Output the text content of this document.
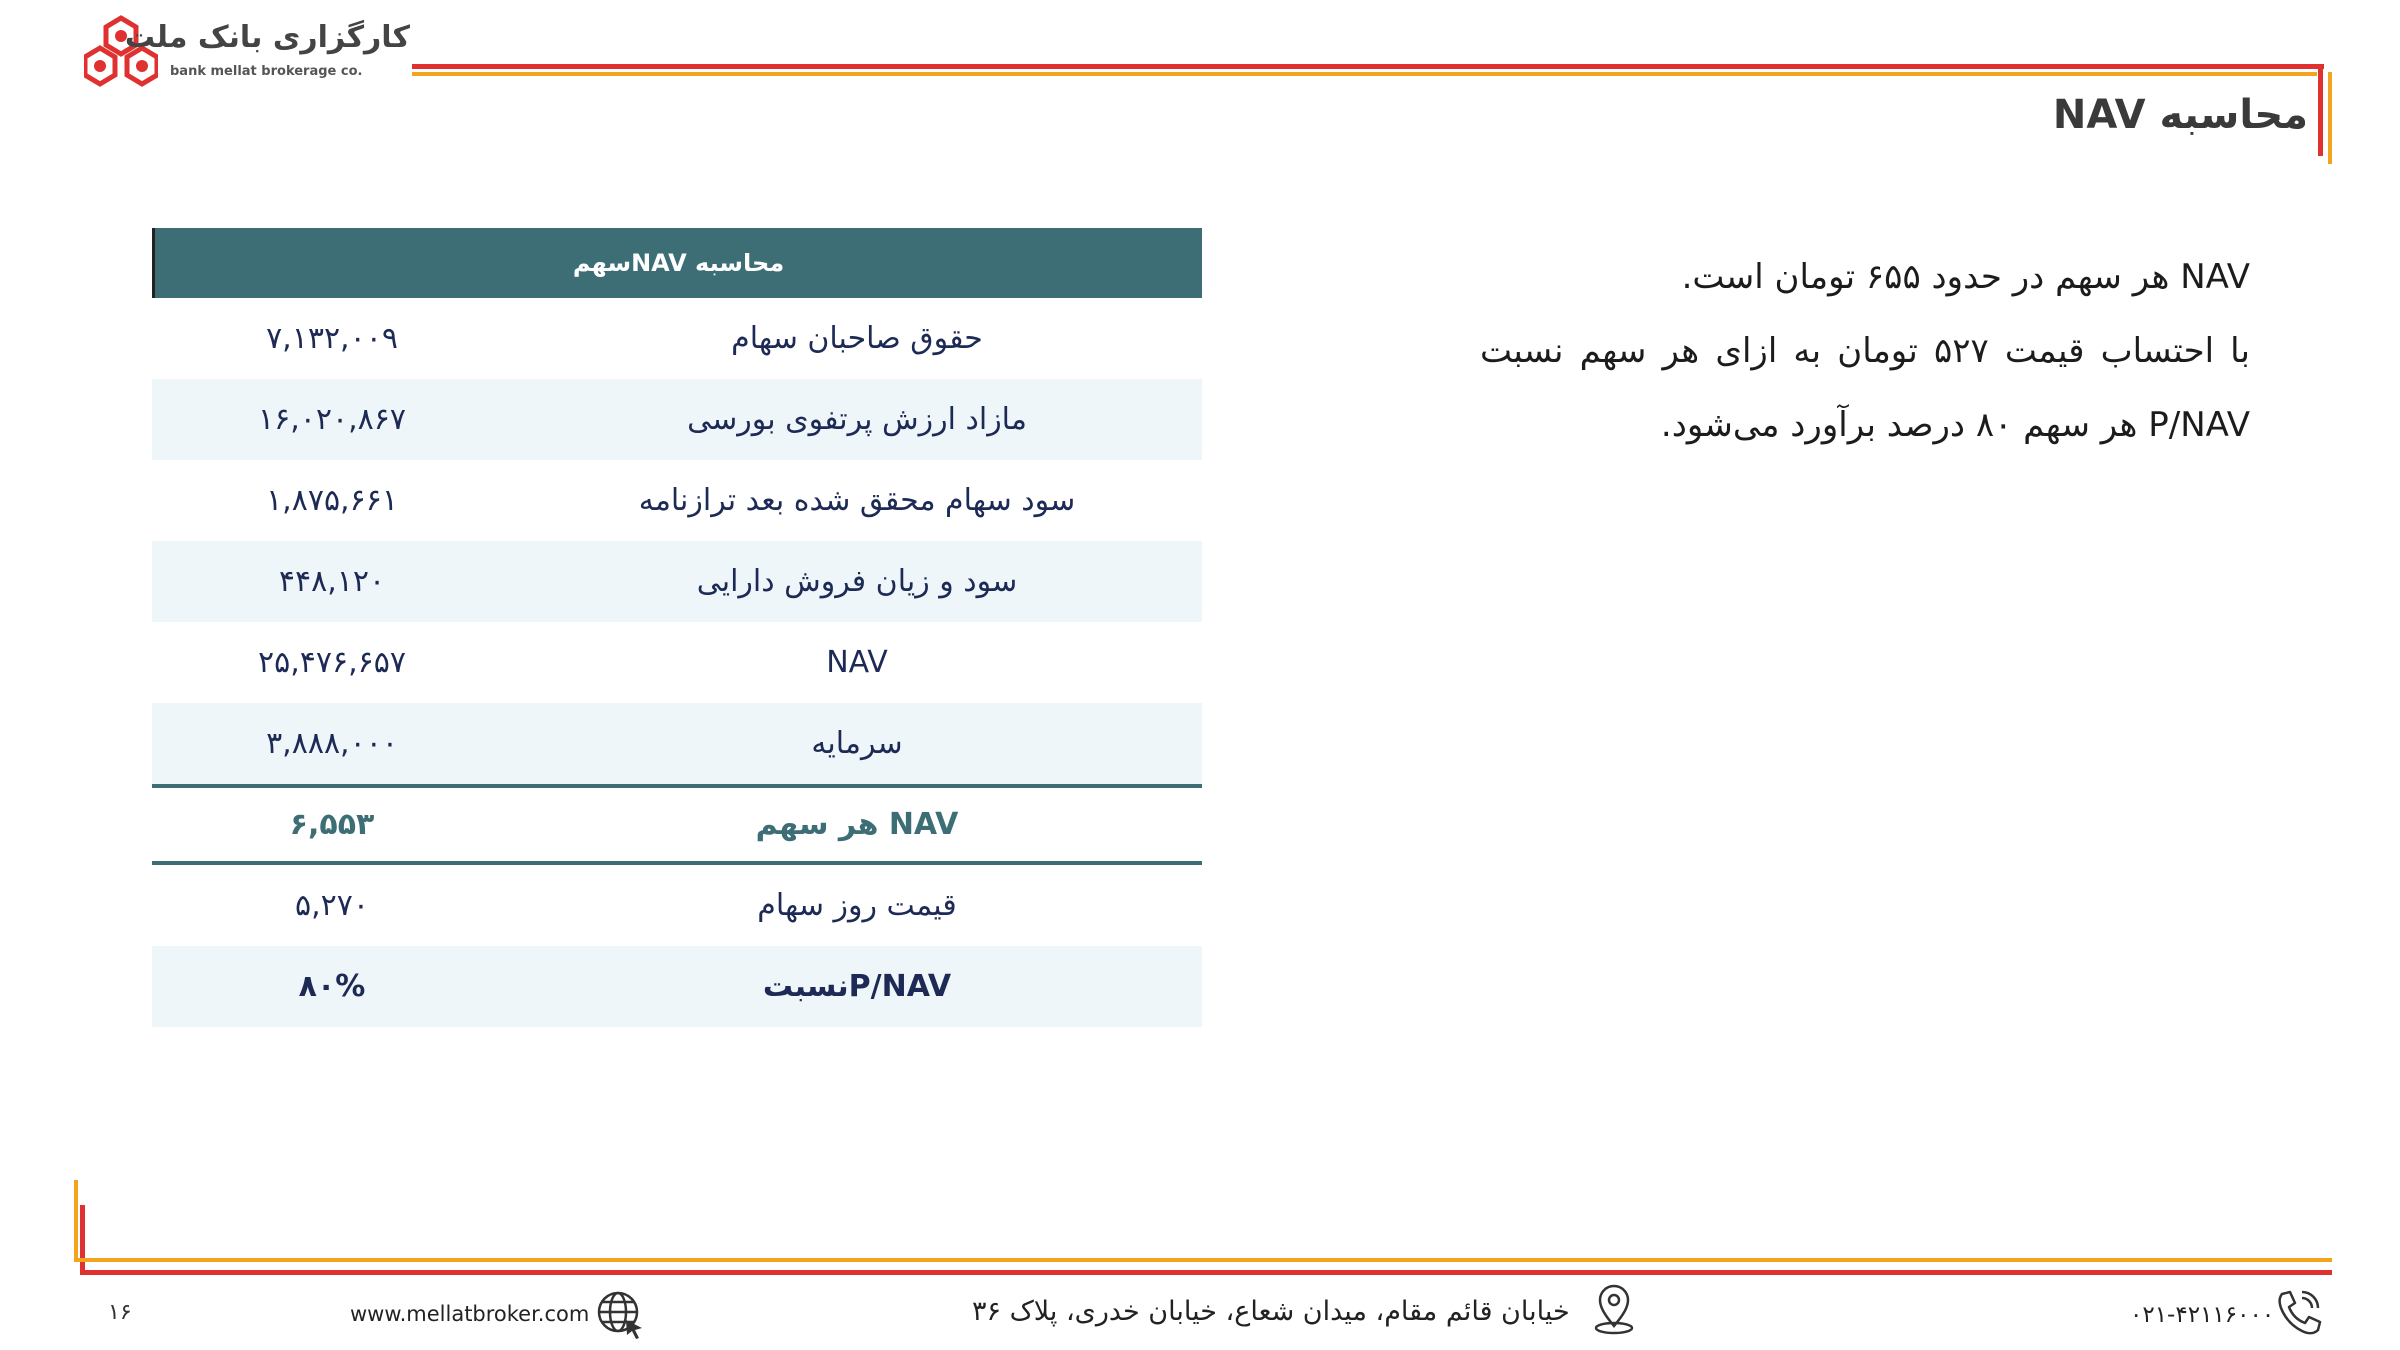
کارگزاری بانک ملت
bank mellat brokerage co.
محاسبه NAV
محاسبه NAVسهم
حقوق صاحبان سهام
۷,۱۳۲,۰۰۹
مازاد ارزش پرتفوی بورسی
۱۶,۰۲۰,۸۶۷
سود سهام محقق شده بعد ترازنامه
۱,۸۷۵,۶۶۱
سود و زیان فروش دارایی
۴۴۸,۱۲۰
NAV
۲۵,۴۷۶,۶۵۷
سرمایه
۳,۸۸۸,۰۰۰
NAV هر سهم
۶,۵۵۳
قیمت روز سهام
۵,۲۷۰
P/NAVنسبت
۸۰%

NAV هر سهم در حدود ۶۵۵ تومان است.

با احتساب قیمت ۵۲۷ تومان به ازای هر سهم نسبت P/NAV هر سهم ۸۰ درصد برآورد می‌شود.

۱۶	www.mellatbroker.com	خیابان قائم مقام، میدان شعاع، خیابان خدری، پلاک ۳۶	۰۲۱-۴۲۱۱۶۰۰۰
